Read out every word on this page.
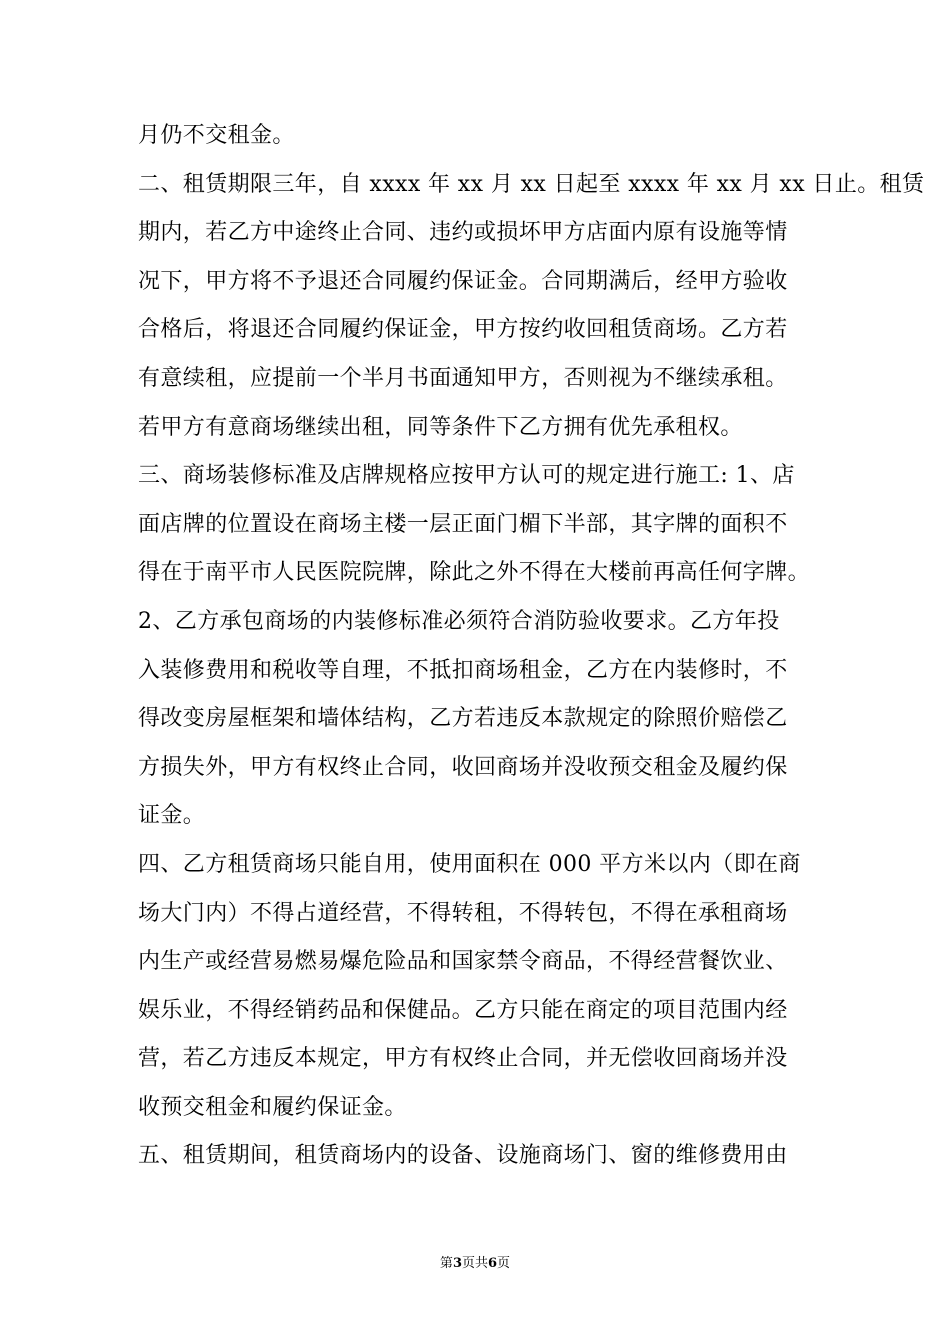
月仍不交租金。
二、租赁期限三年，自 xxxx 年 xx 月 xx 日起至 xxxx 年 xx 月 xx 日止。租赁
期内，若乙方中途终止合同、违约或损坏甲方店面内原有设施等情
况下，甲方将不予退还合同履约保证金。合同期满后，经甲方验收
合格后，将退还合同履约保证金，甲方按约收回租赁商场。乙方若
有意续租，应提前一个半月书面通知甲方，否则视为不继续承租。
若甲方有意商场继续出租，同等条件下乙方拥有优先承租权。
三、商场装修标准及店牌规格应按甲方认可的规定进行施工: 1、店
面店牌的位置设在商场主楼一层正面门楣下半部，其字牌的面积不
得在于南平市人民医院院牌，除此之外不得在大楼前再高任何字牌。
2、乙方承包商场的内装修标准必须符合消防验收要求。乙方年投
入装修费用和税收等自理，不抵扣商场租金，乙方在内装修时，不
得改变房屋框架和墙体结构，乙方若违反本款规定的除照价赔偿乙
方损失外，甲方有权终止合同，收回商场并没收预交租金及履约保
证金。
四、乙方租赁商场只能自用，使用面积在 000 平方米以内（即在商
场大门内）不得占道经营，不得转租，不得转包，不得在承租商场
内生产或经营易燃易爆危险品和国家禁令商品，不得经营餐饮业、
娱乐业，不得经销药品和保健品。乙方只能在商定的项目范围内经
营，若乙方违反本规定，甲方有权终止合同，并无偿收回商场并没
收预交租金和履约保证金。
五、租赁期间，租赁商场内的设备、设施商场门、窗的维修费用由
第3页共6页
